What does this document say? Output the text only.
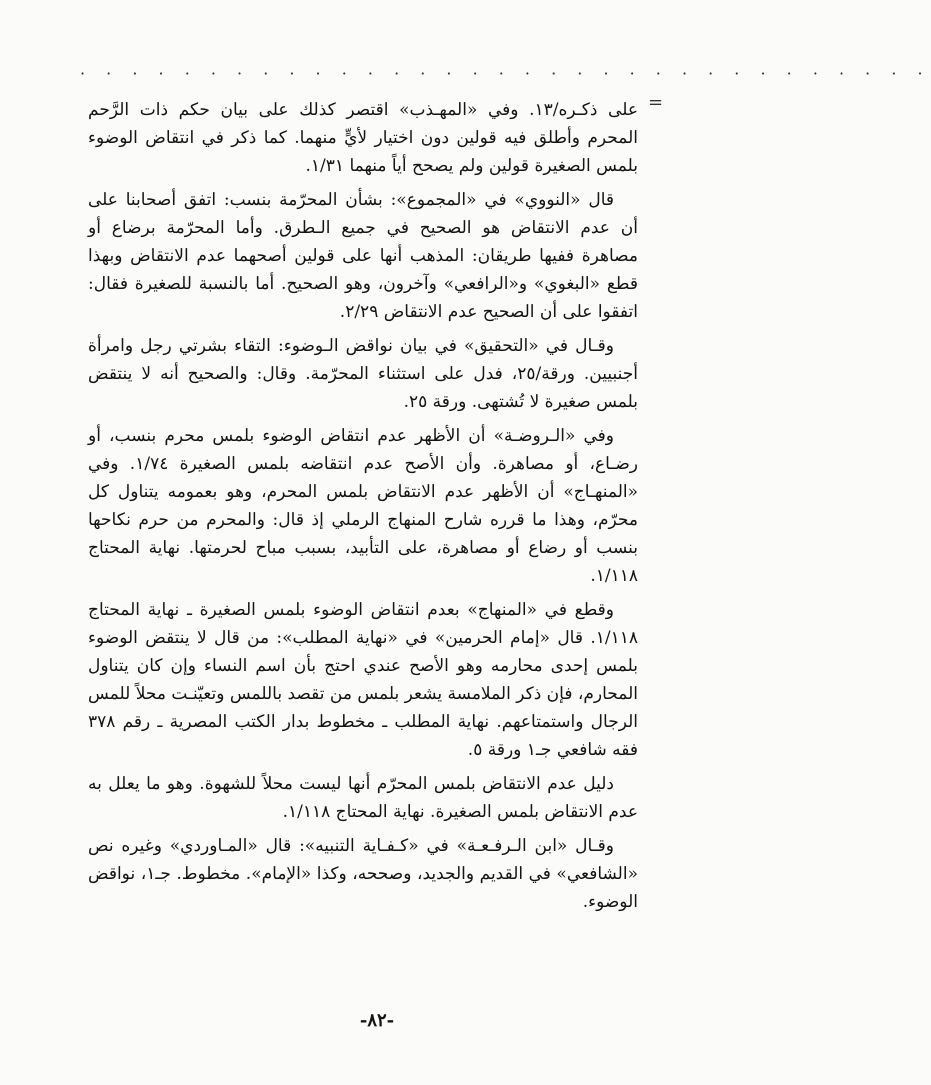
· · · · · · · · · · · · · · · · · · · · · · · · · · · · · · · · ·
=

على ذكـره/١٣. وفي «المهـذب» اقتصر كذلك على بيان حكم ذات الرَّحم المحرم وأطلق فيه قولين دون اختيار لأيٍّ منهما. كما ذكر في انتقاض الوضوء بلمس الصغيرة قولين ولم يصحح أياً منهما ١/٣١.

قال «النووي» في «المجموع»: بشأن المحرّمة بنسب: اتفق أصحابنا على أن عدم الانتقاض هو الصحيح في جميع الـطرق. وأما المحرّمة برضاع أو مصاهرة ففيها طريقان: المذهب أنها على قولين أصحهما عدم الانتقاض وبهذا قطع «البغوي» و«الرافعي» وآخرون، وهو الصحيح. أما بالنسبة للصغيرة فقال: اتفقوا على أن الصحيح عدم الانتقاض ٢/٢٩.

وقـال في «التحقيق» في بيان نواقض الـوضوء: التقاء بشرتي رجل وامرأة أجنبيين. ورقة/٢٥، فدل على استثناء المحرّمة. وقال: والصحيح أنه لا ينتقض بلمس صغيرة لا تُشتهى. ورقة ٢٥.

وفي «الـروضـة» أن الأظهر عدم انتقاض الوضوء بلمس محرم بنسب، أو رضـاع، أو مصاهرة. وأن الأصح عدم انتقاضه بلمس الصغيرة ١/٧٤. وفي «المنهـاج» أن الأظهر عدم الانتقاض بلمس المحرم، وهو بعمومه يتناول كل محرّم، وهذا ما قرره شارح المنهاج الرملي إذ قال: والمحرم من حرم نكاحها بنسب أو رضاع أو مصاهرة، على التأبيد، بسبب مباح لحرمتها. نهاية المحتاج ١/١١٨.

وقطع في «المنهاج» بعدم انتقاض الوضوء بلمس الصغيرة ـ نهاية المحتاج ١/١١٨. قال «إمام الحرمين» في «نهاية المطلب»: من قال لا ينتقض الوضوء بلمس إحدى محارمه وهو الأصح عندي احتج بأن اسم النساء وإن كان يتناول المحارم، فإن ذكر الملامسة يشعر بلمس من تقصد باللمس وتعيّنـت محلاً للمس الرجال واستمتاعهم. نهاية المطلب ـ مخطوط بدار الكتب المصرية ـ رقم ٣٧٨ فقه شافعي جـ١ ورقة ٥.

دليل عدم الانتقاض بلمس المحرّم أنها ليست محلاً للشهوة. وهو ما يعلل به عدم الانتقاض بلمس الصغيرة. نهاية المحتاج ١/١١٨.

وقـال «ابن الـرفـعـة» في «كـفـاية التنبيه»: قال «المـاوردي» وغيره نص «الشافعي» في القديم والجديد، وصححه، وكذا «الإمام». مخطوط. جـ١، نواقض الوضوء.

-٨٢-
